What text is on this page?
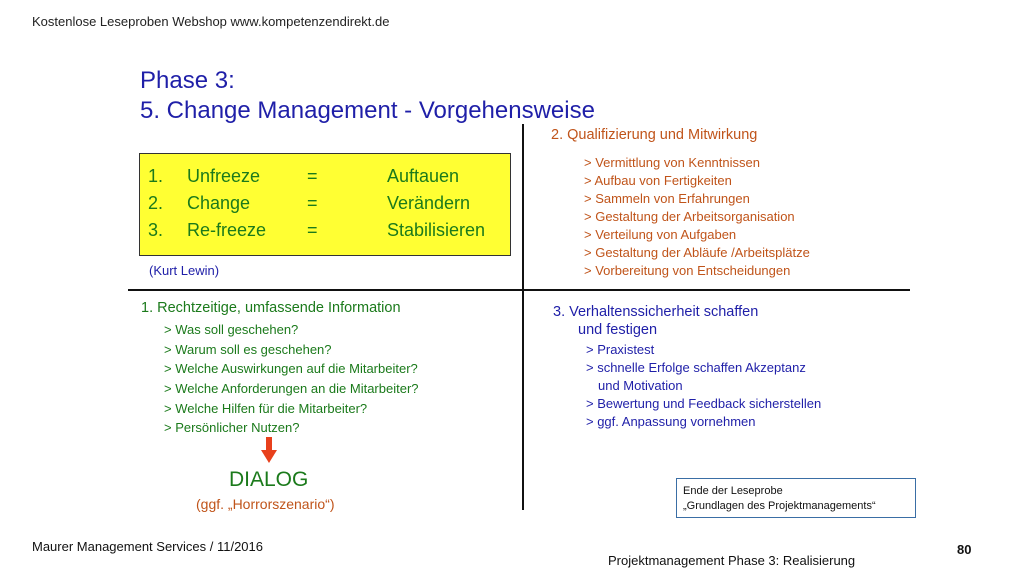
Kostenlose Leseproben Webshop www.kompetenzendirekt.de
Phase 3:
5. Change Management - Vorgehensweise
1. Unfreeze	=	Auftauen
2. Change	=	Verändern
3. Re-freeze =	Stabilisieren
(Kurt Lewin)
2. Qualifizierung und Mitwirkung
> Vermittlung von Kenntnissen
> Aufbau von Fertigkeiten
> Sammeln von Erfahrungen
> Gestaltung der Arbeitsorganisation
> Verteilung von Aufgaben
> Gestaltung der Abläufe /Arbeitsplätze
> Vorbereitung von Entscheidungen
1. Rechtzeitige, umfassende Information
> Was soll geschehen?
> Warum soll es geschehen?
> Welche Auswirkungen auf die Mitarbeiter?
> Welche Anforderungen an die Mitarbeiter?
> Welche Hilfen für die Mitarbeiter?
> Persönlicher Nutzen?
DIALOG
(ggf. „Horrorszenario“)
3. Verhaltenssicherheit schaffen
und festigen
> Praxistest
> schnelle Erfolge schaffen Akzeptanz
und Motivation
> Bewertung und Feedback sicherstellen
> ggf. Anpassung vornehmen
Ende der Leseprobe
„Grundlagen des Projektmanagements“
Maurer Management Services / 11/2016	80
Projektmanagement Phase 3: Realisierung
